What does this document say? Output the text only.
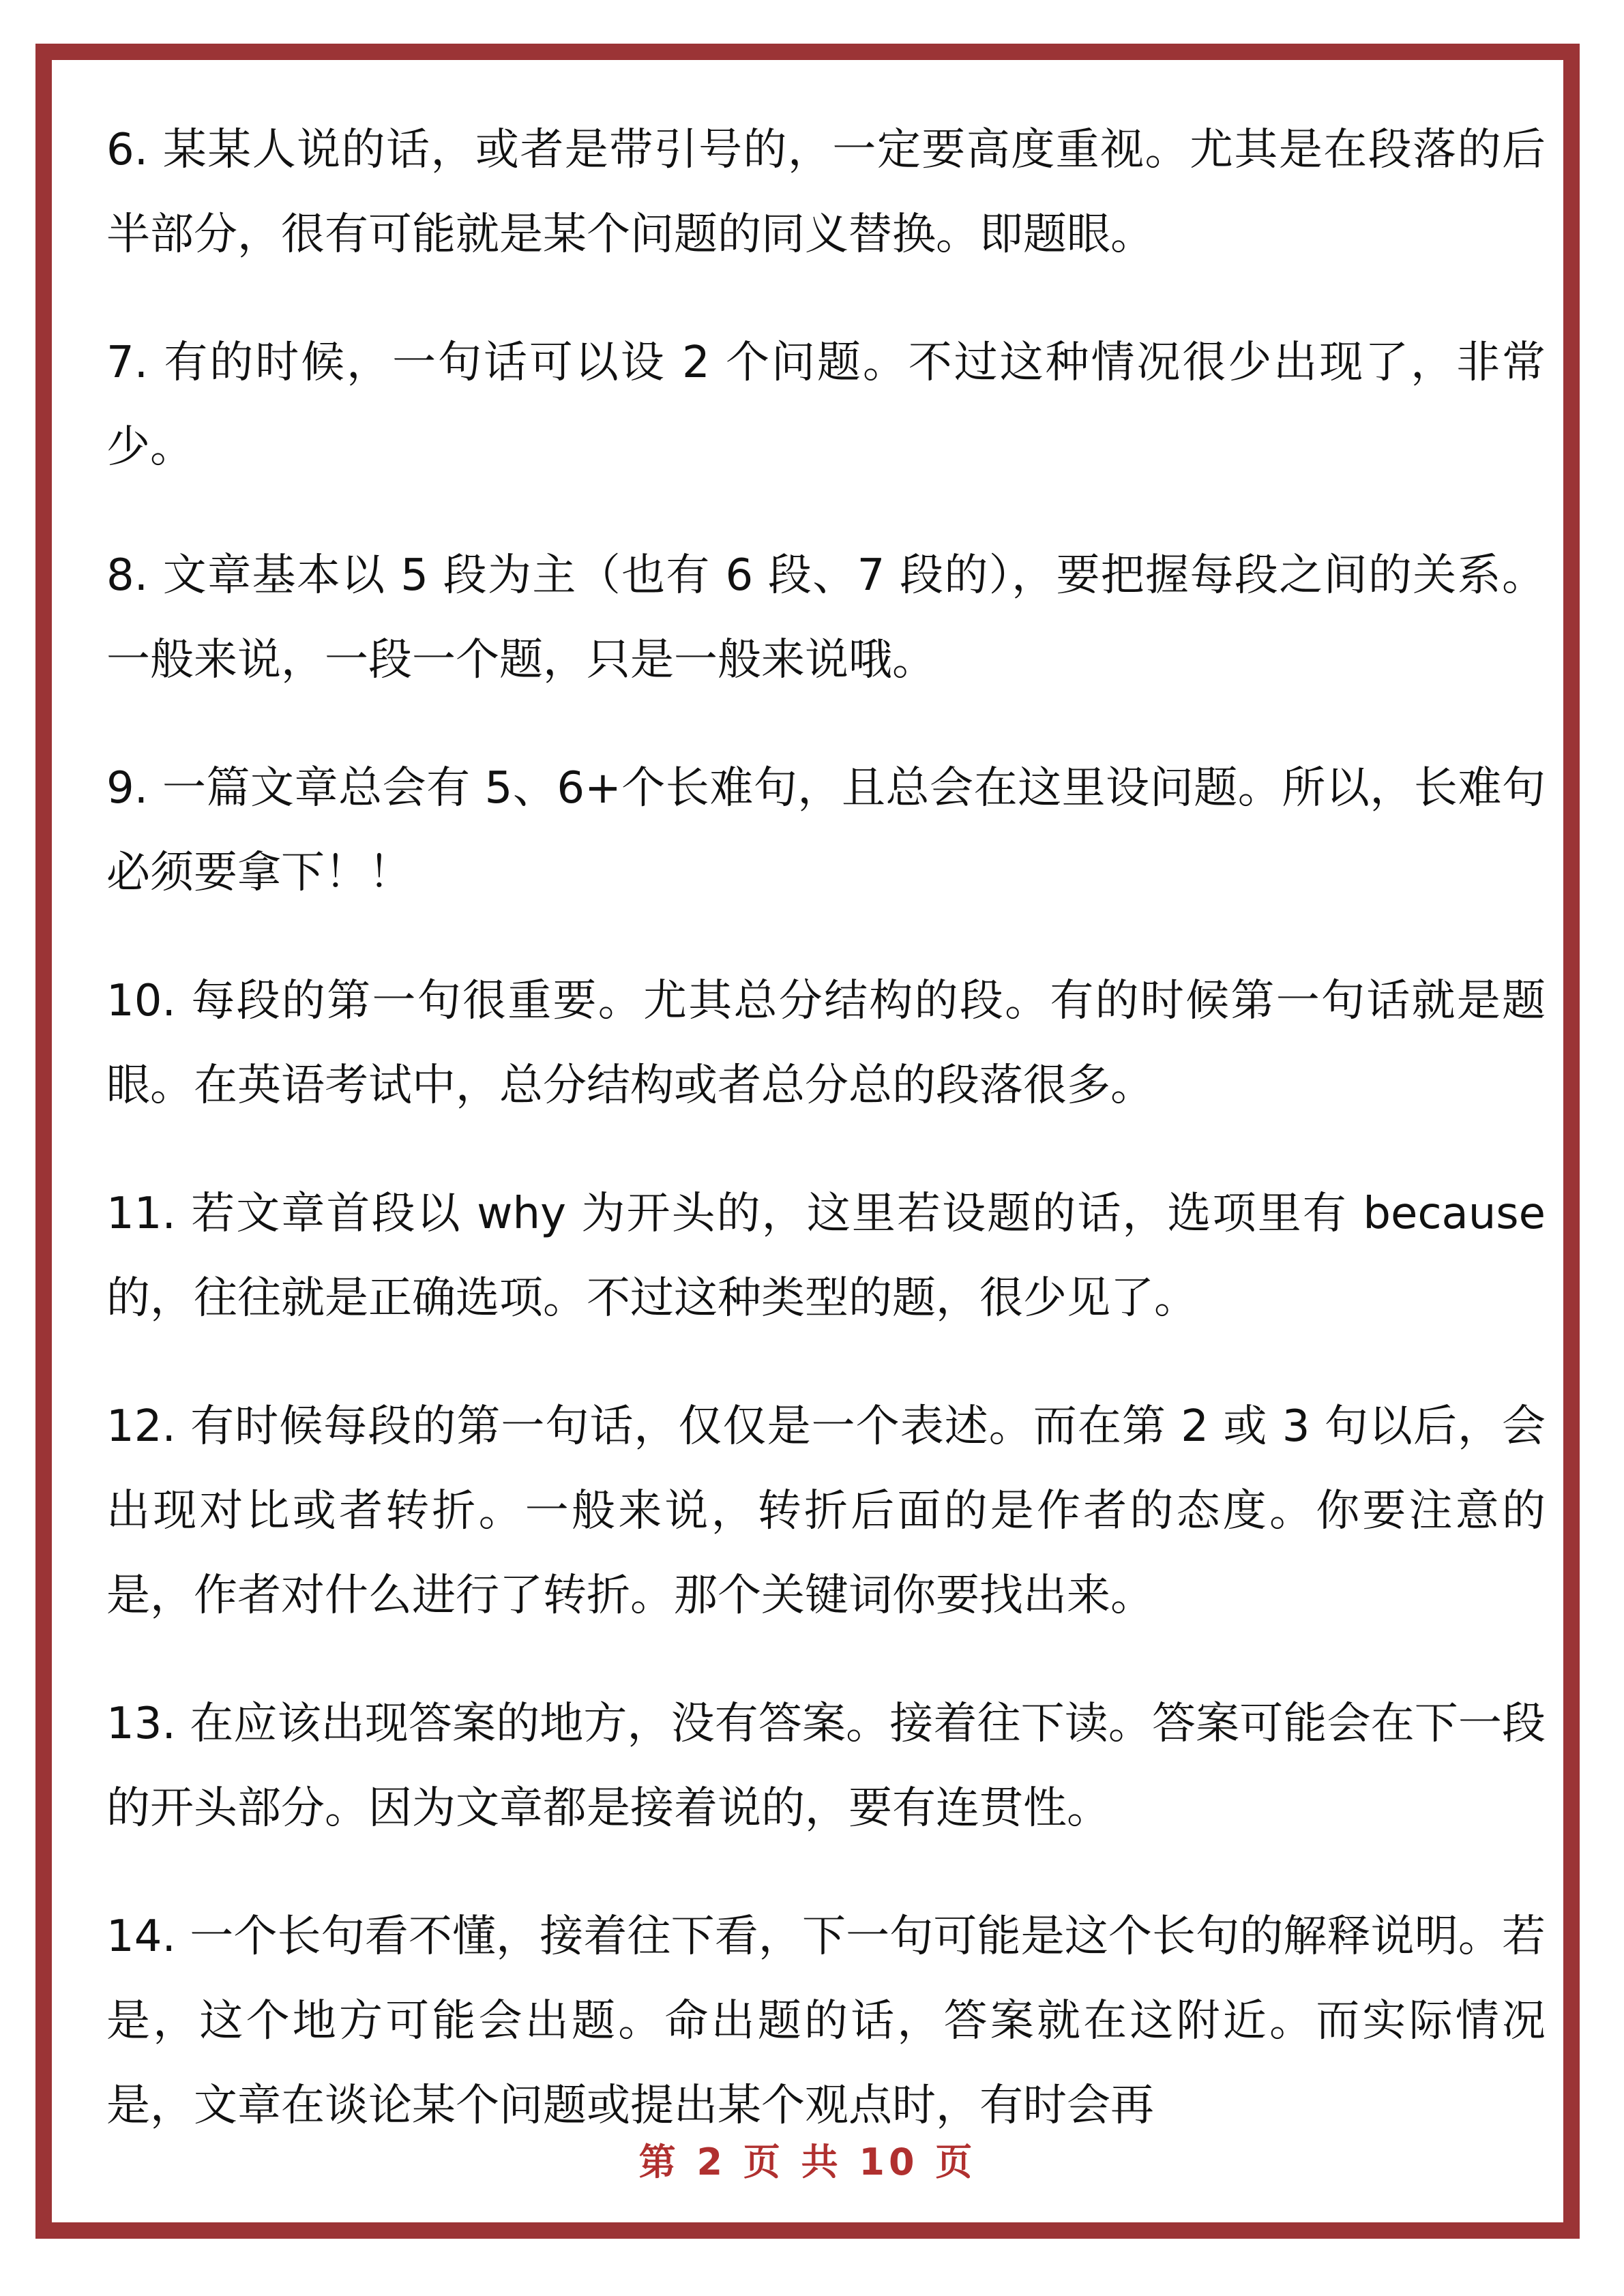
6. 某某人说的话，或者是带引号的，一定要高度重视。尤其是在段落的后半部分，很有可能就是某个问题的同义替换。即题眼。

7. 有的时候，一句话可以设 2 个问题。不过这种情况很少出现了，非常少。

8. 文章基本以 5 段为主（也有 6 段、7 段的），要把握每段之间的关系。一般来说，一段一个题，只是一般来说哦。

9. 一篇文章总会有 5、6+个长难句，且总会在这里设问题。所以，长难句必须要拿下！！

10. 每段的第一句很重要。尤其总分结构的段。有的时候第一句话就是题眼。在英语考试中，总分结构或者总分总的段落很多。

11. 若文章首段以 why 为开头的，这里若设题的话，选项里有 because 的，往往就是正确选项。不过这种类型的题，很少见了。

12. 有时候每段的第一句话，仅仅是一个表述。而在第 2 或 3 句以后，会出现对比或者转折。一般来说，转折后面的是作者的态度。你要注意的是，作者对什么进行了转折。那个关键词你要找出来。

13. 在应该出现答案的地方，没有答案。接着往下读。答案可能会在下一段的开头部分。因为文章都是接着说的，要有连贯性。

14. 一个长句看不懂，接着往下看，下一句可能是这个长句的解释说明。若是，这个地方可能会出题。命出题的话，答案就在这附近。而实际情况是，文章在谈论某个问题或提出某个观点时，有时会再

第 2 页 共 10 页
